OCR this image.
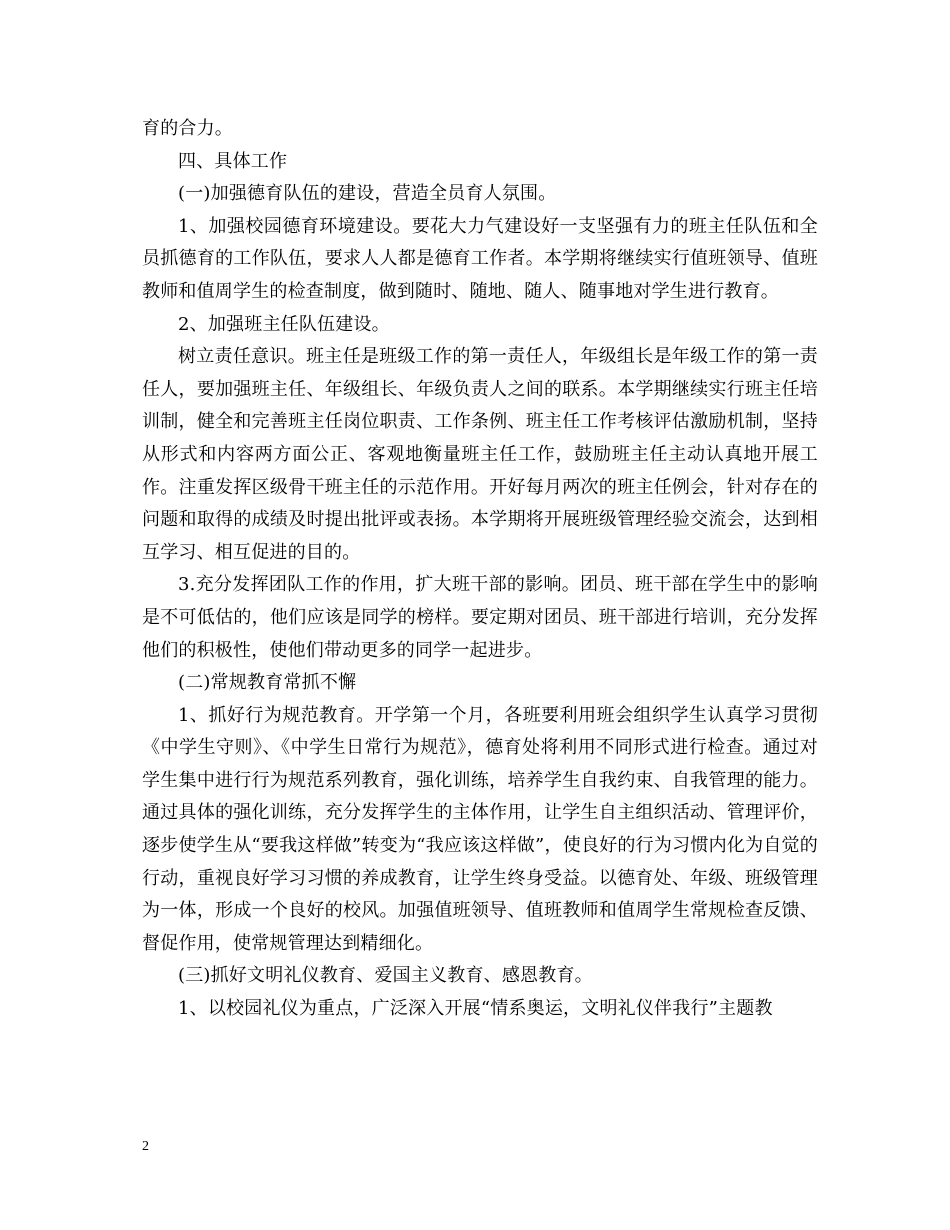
育的合力。

四、具体工作

(一)加强德育队伍的建设，营造全员育人氛围。

1、加强校园德育环境建设。要花大力气建设好一支坚强有力的班主任队伍和全员抓德育的工作队伍，要求人人都是德育工作者。本学期将继续实行值班领导、值班教师和值周学生的检查制度，做到随时、随地、随人、随事地对学生进行教育。

2、加强班主任队伍建设。

树立责任意识。班主任是班级工作的第一责任人，年级组长是年级工作的第一责任人，要加强班主任、年级组长、年级负责人之间的联系。本学期继续实行班主任培训制，健全和完善班主任岗位职责、工作条例、班主任工作考核评估激励机制，坚持从形式和内容两方面公正、客观地衡量班主任工作，鼓励班主任主动认真地开展工作。注重发挥区级骨干班主任的示范作用。开好每月两次的班主任例会，针对存在的问题和取得的成绩及时提出批评或表扬。本学期将开展班级管理经验交流会，达到相互学习、相互促进的目的。

3.充分发挥团队工作的作用，扩大班干部的影响。团员、班干部在学生中的影响是不可低估的，他们应该是同学的榜样。要定期对团员、班干部进行培训，充分发挥他们的积极性，使他们带动更多的同学一起进步。

(二)常规教育常抓不懈

1、抓好行为规范教育。开学第一个月，各班要利用班会组织学生认真学习贯彻《中学生守则》、《中学生日常行为规范》，德育处将利用不同形式进行检查。通过对学生集中进行行为规范系列教育，强化训练，培养学生自我约束、自我管理的能力。通过具体的强化训练，充分发挥学生的主体作用，让学生自主组织活动、管理评价，逐步使学生从“要我这样做”转变为“我应该这样做”，使良好的行为习惯内化为自觉的行动，重视良好学习习惯的养成教育，让学生终身受益。以德育处、年级、班级管理为一体，形成一个良好的校风。加强值班领导、值班教师和值周学生常规检查反馈、督促作用，使常规管理达到精细化。

(三)抓好文明礼仪教育、爱国主义教育、感恩教育。

1、以校园礼仪为重点，广泛深入开展“情系奥运，文明礼仪伴我行”主题教

2
